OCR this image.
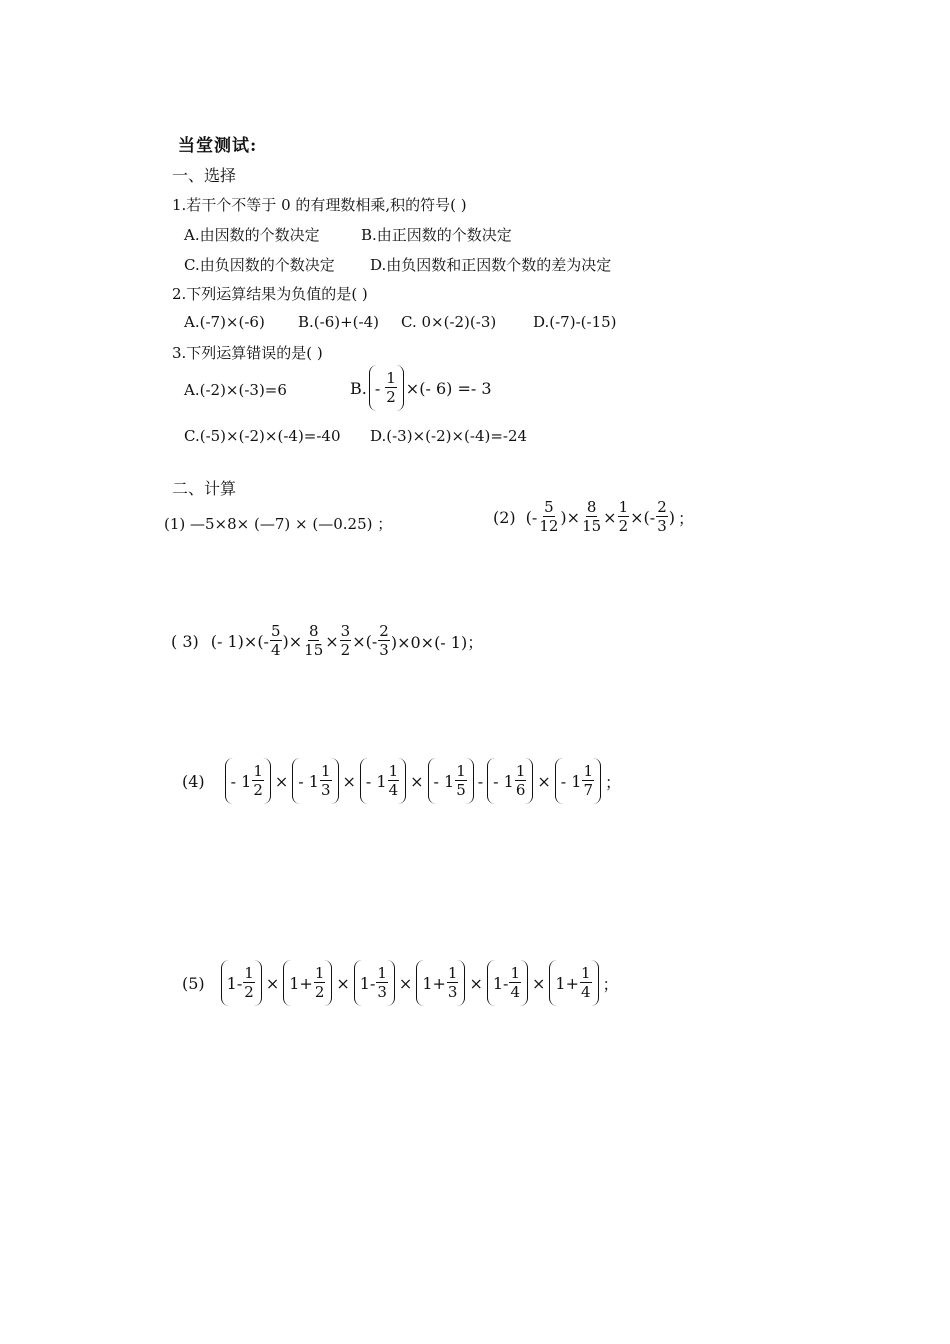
当堂测试:
一、选择
1.若干个不等于 0 的有理数相乘,积的符号( )
A.由因数的个数决定	B.由正因数的个数决定
C.由负因数的个数决定 D.由负因数和正因数个数的差为决定
2.下列运算结果为负值的是( )
A.(-7)×(-6) B.(-6)+(-4) C. 0×(-2)(-3) D.(-7)-(-15)
3.下列运算错误的是( )
A.(-2)×(-3)=6	B. - $\frac{1}{2}$ ×(- 6) =- 3
C.(-5)×(-2)×(-4)=-40 D.(-3)×(-2)×(-4)=-24
二、计算
(1) —5×8× (—7) × (—0.25) ；	(2) (- $\frac{5}{12}$ )× $\frac{8}{15} \times \frac{1}{2}$ ×(- $\frac{2}{3}$ ) ；
( 3) (- $1)\times(- \frac{5}{4}$ )× $\frac{8}{15} \times \frac{3}{2}$ ×(- $\frac{2}{3} )\times 0\times(-$ 1)；
$(4) - 1 \frac{1}{2}$ × - $1 \frac{1}{3}$ × - $1 \frac{1}{4}$ × - $1 \frac{1}{5}$ - - $1 \frac{1}{6}$ × - $1 \frac{1}{7}$ ；
(5) $1- \frac{1}{2} \times 1+ \frac{1}{2} \times 1- \frac{1}{3} \times 1+ \frac{1}{3} \times 1- \frac{1}{4} \times 1+ \frac{1}{4}$ ；
